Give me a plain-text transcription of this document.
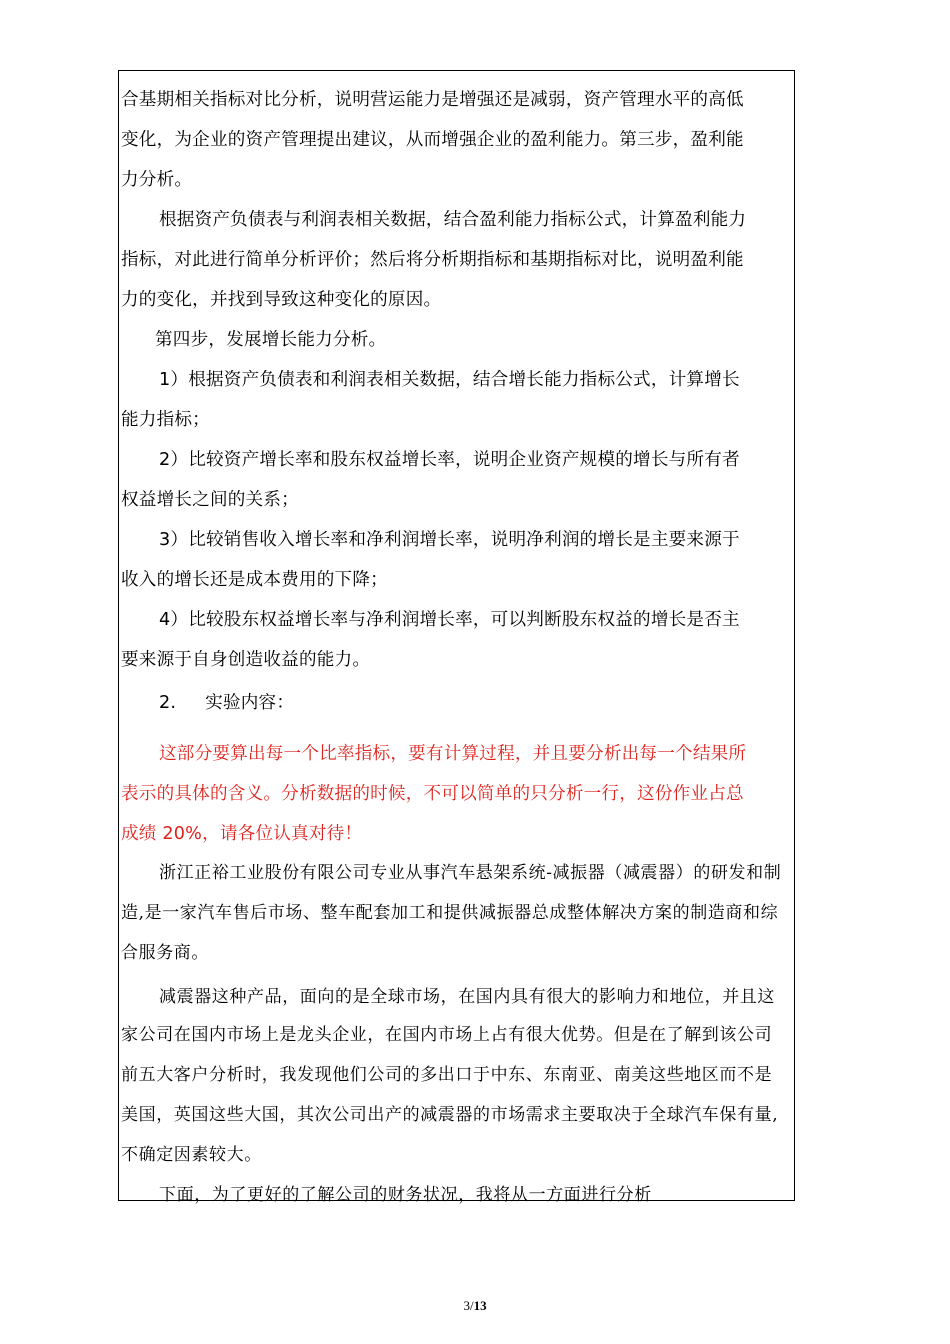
合基期相关指标对比分析，说明营运能力是增强还是减弱，资产管理水平的高低
变化，为企业的资产管理提出建议，从而增强企业的盈利能力。第三步，盈利能
力分析。
根据资产负债表与利润表相关数据，结合盈利能力指标公式，计算盈利能力
指标，对此进行简单分析评价；然后将分析期指标和基期指标对比，说明盈利能
力的变化，并找到导致这种变化的原因。
第四步，发展增长能力分析。
1）根据资产负债表和利润表相关数据，结合增长能力指标公式，计算增长
能力指标；
2）比较资产增长率和股东权益增长率，说明企业资产规模的增长与所有者
权益增长之间的关系；
3）比较销售收入增长率和净利润增长率，说明净利润的增长是主要来源于
收入的增长还是成本费用的下降；
4）比较股东权益增长率与净利润增长率，可以判断股东权益的增长是否主
要来源于自身创造收益的能力。
2.     实验内容：
这部分要算出每一个比率指标，要有计算过程，并且要分析出每一个结果所
表示的具体的含义。分析数据的时候，不可以简单的只分析一行，这份作业占总
成绩 20%，请各位认真对待！
浙江正裕工业股份有限公司专业从事汽车悬架系统-减振器（减震器）的研发和制
造,是一家汽车售后市场、整车配套加工和提供减振器总成整体解决方案的制造商和综
合服务商。
减震器这种产品，面向的是全球市场，在国内具有很大的影响力和地位，并且这
家公司在国内市场上是龙头企业，在国内市场上占有很大优势。但是在了解到该公司
前五大客户分析时，我发现他们公司的多出口于中东、东南亚、南美这些地区而不是
美国，英国这些大国，其次公司出产的减震器的市场需求主要取决于全球汽车保有量,
不确定因素较大。
下面，为了更好的了解公司的财务状况，我将从一方面进行分析
3/13
